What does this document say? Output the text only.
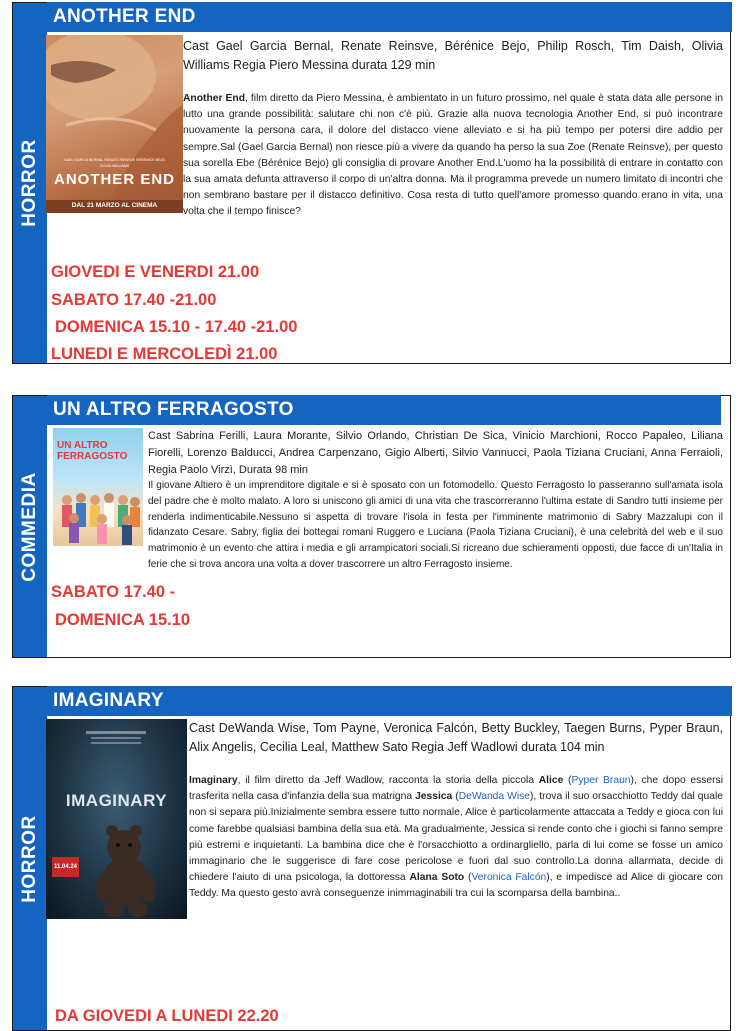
HORROR
ANOTHER END
GAEL GARCIA BERNAL RENATE REINSVE BÉRÉNICE BEJO
OLIVIA WILLIAMS
ANOTHER END
DAL 21 MARZO AL CINEMA
Cast Gael Garcia Bernal, Renate Reinsve, Bérénice Bejo, Philip Rosch, Tim Daish, Olivia Williams Regia Piero Messina durata 129 min
Another End, film diretto da Piero Messina, è ambientato in un futuro prossimo, nel quale è stata data alle persone in lutto una grande possibilità: salutare chi non c'è più. Grazie alla nuova tecnologia Another End, si può incontrare nuovamente la persona cara, il dolore del distacco viene alleviato e si ha più tempo per potersi dire addio per sempre.Sal (Gael Garcia Bernal) non riesce più a vivere da quando ha perso la sua Zoe (Renate Reinsve), per questo sua sorella Ebe (Bérénice Bejo) gli consiglia di provare Another End.L'uomo ha la possibilità di entrare in contatto con la sua amata defunta attraverso il corpo di un'altra donna. Ma il programma prevede un numero limitato di incontri che non sembrano bastare per il distacco definitivo. Cosa resta di tutto quell'amore promesso quando erano in vita, una volta che il tempo finisce?
GIOVEDI E VENERDI 21.00
SABATO 17.40 -21.00
DOMENICA 15.10 - 17.40 -21.00
LUNEDI E MERCOLEDÌ 21.00
COMMEDIA
UN ALTRO FERRAGOSTO
UN ALTRO FERRAGOSTO
Cast Sabrina Ferilli, Laura Morante, Silvio Orlando, Christian De Sica, Vinicio Marchioni, Rocco Papaleo, Liliana Fiorelli, Lorenzo Balducci, Andrea Carpenzano, Gigio Alberti, Silvio Vannucci, Paola Tiziana Cruciani, Anna Ferraioli, Regia Paolo Virzì, Durata 98 min
Il giovane Altiero è un imprenditore digitale e si è sposato con un fotomodello. Questo Ferragosto lo passeranno sull'amata isola del padre che è molto malato. A loro si uniscono gli amici di una vita che trascorreranno l'ultima estate di Sandro tutti insieme per renderla indimenticabile.Nessuno si aspetta di trovare l'isola in festa per l'imminente matrimonio di Sabry Mazzalupi con il fidanzato Cesare. Sabry, figlia dei bottegai romani Ruggero e Luciana (Paola Tiziana Cruciani), è una celebrità del web e il suo matrimonio è un evento che attira i media e gli arrampicatori sociali.Si ricreano due schieramenti opposti, due facce di un'Italia in ferie che si trova ancora una volta a dover trascorrere un altro Ferragosto insieme.
SABATO 17.40 -
DOMENICA 15.10
HORROR
IMAGINARY
IMAGINARY
11.04.24
Cast DeWanda Wise, Tom Payne, Veronica Falcón, Betty Buckley, Taegen Burns, Pyper Braun, Alix Angelis, Cecilia Leal, Matthew Sato Regia Jeff Wadlowi durata 104 min
Imaginary, il film diretto da Jeff Wadlow, racconta la storia della piccola Alice (Pyper Braun), che dopo essersi trasferita nella casa d'infanzia della sua matrigna Jessica (DeWanda Wise), trova il suo orsacchiotto Teddy dal quale non si separa più.Inizialmente sembra essere tutto normale, Alice è particolarmente attaccata a Teddy e gioca con lui come farebbe qualsiasi bambina della sua età. Ma gradualmente, Jessica si rende conto che i giochi si fanno sempre più estremi e inquietanti. La bambina dice che è l'orsacchiotto a ordinargliello, parla di lui come se fosse un amico immaginario che le suggerisce di fare cose pericolose e fuori dal suo controllo.La donna allarmata, decide di chiedere l'aiuto di una psicologa, la dottoressa Alana Soto (Veronica Falcón), e impedisce ad Alice di giocare con Teddy. Ma questo gesto avrà conseguenze inimmaginabili tra cui la scomparsa della bambina..
DA GIOVEDI A LUNEDI 22.20
